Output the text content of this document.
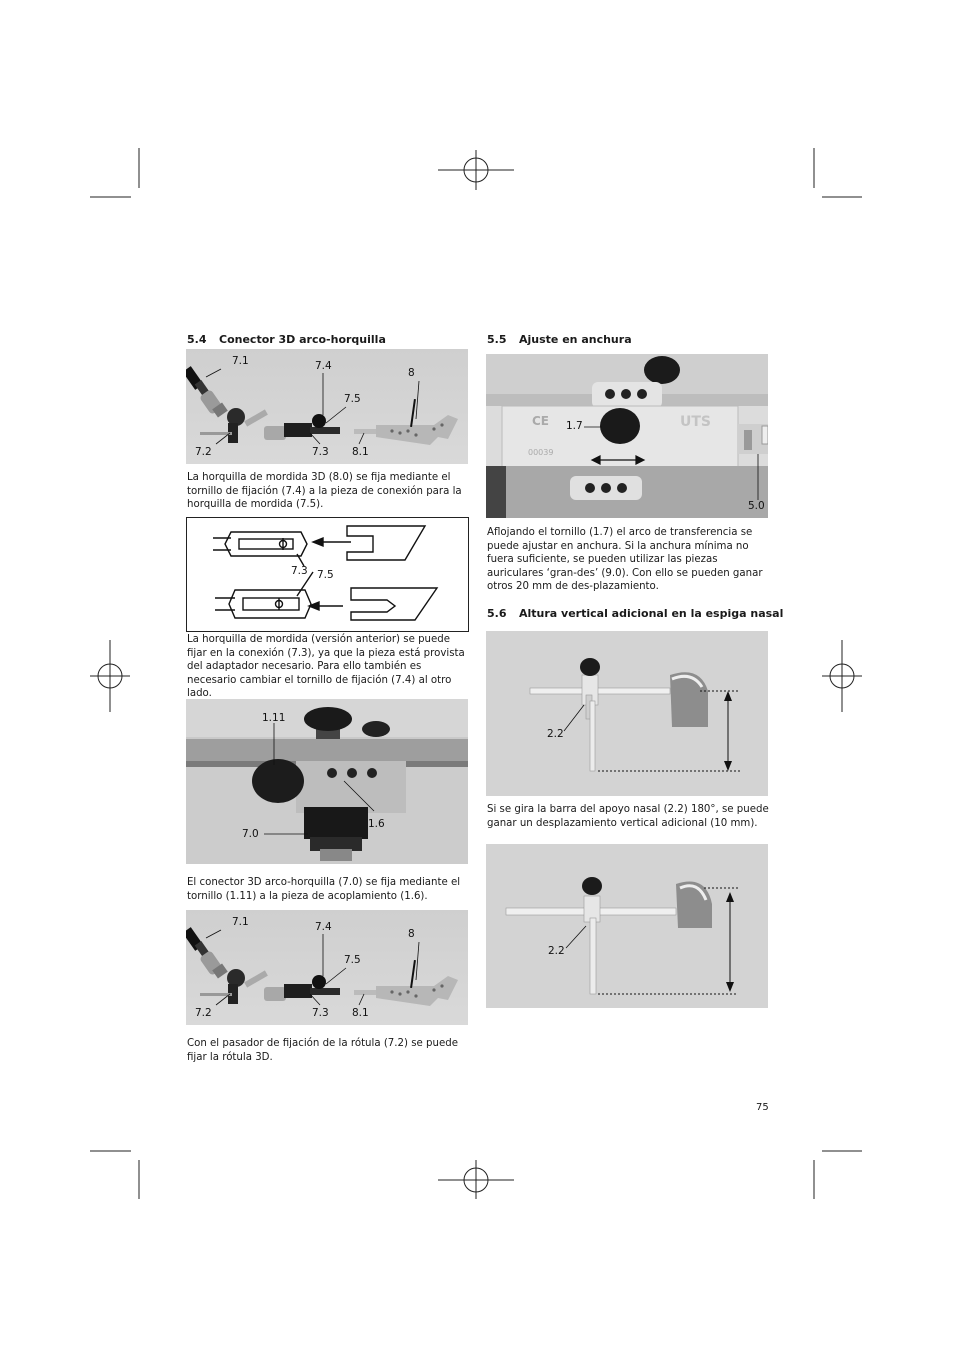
5.4 Conector 3D arco-horquilla
7.1	7.4
8
7.5
7.2	7.3 8.1
La horquilla de mordida 3D (8.0) se fija mediante el tornillo de fijación (7.4) a la pieza de conexión para la horquilla de mordida (7.5).
7.3 7.5
La horquilla de mordida (versión anterior) se puede fijar en la conexión (7.3), ya que la pieza está provista del adaptador necesario. Para ello también es necesario cambiar el tornillo de fijación (7.4) al otro lado.
1.11
1.6
7.0
El conector 3D arco-horquilla (7.0) se fija mediante el tornillo (1.11) a la pieza de acoplamiento (1.6).
7.1	7.4
8
7.5
7.2	7.3 8.1
Con el pasador de fijación de la rótula (7.2) se puede fijar la rótula 3D.
5.5 Ajuste en anchura
CE	UTS
00039
1.7
5.0
Aflojando el tornillo (1.7) el arco de transferencia se puede ajustar en anchura. Si la anchura mínima no fuera suficiente, se pueden utilizar las piezas auriculares ‘gran-des’ (9.0). Con ello se pueden ganar otros 20 mm de des-plazamiento.
5.6 Altura vertical adicional en la espiga nasal
2.2
Si se gira la barra del apoyo nasal (2.2) 180°, se puede ganar un desplazamiento vertical adicional (10 mm).
2.2
75
